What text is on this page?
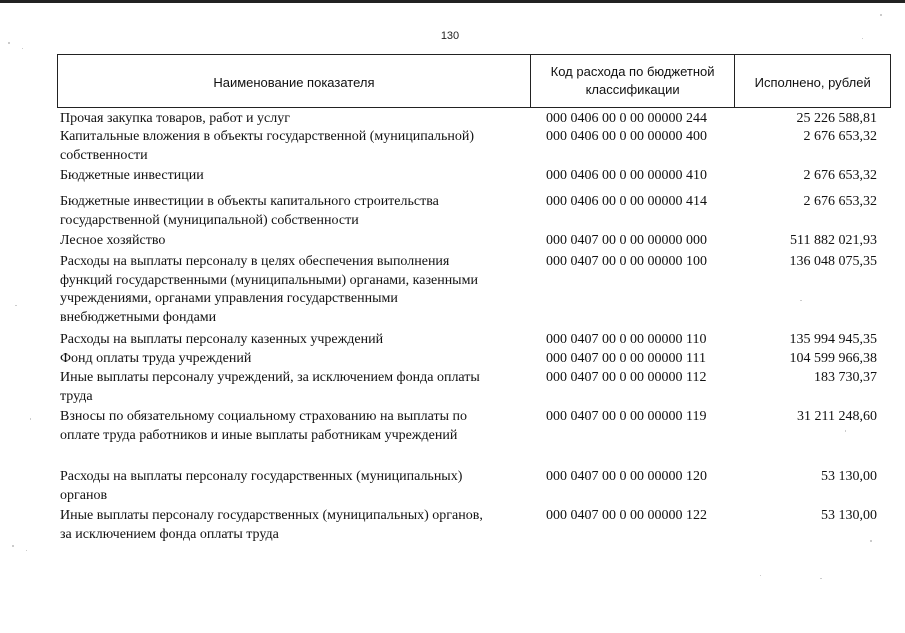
130
Наименование показателя
Код расхода по бюджетной
классификации	Исполнено, рублей
Прочая закупка товаров, работ и услуг	000 0406 00 0 00 00000 244	25 226 588,81
Капитальные вложения в объекты государственной (муниципальной)
собственности
000 0406 00 0 00 00000 400	2 676 653,32
Бюджетные инвестиции	000 0406 00 0 00 00000 410	2 676 653,32
Бюджетные инвестиции в объекты капитального строительства
государственной (муниципальной) собственности
000 0406 00 0 00 00000 414	2 676 653,32
Лесное хозяйство	000 0407 00 0 00 00000 000	511 882 021,93
Расходы на выплаты персоналу в целях обеспечения выполнения
функций государственными (муниципальными) органами, казенными
учреждениями, органами управления государственными
внебюджетными фондами
000 0407 00 0 00 00000 100	136 048 075,35
Расходы на выплаты персоналу казенных учреждений	000 0407 00 0 00 00000 110	135 994 945,35
Фонд оплаты труда учреждений	000 0407 00 0 00 00000 111	104 599 966,38
Иные выплаты персоналу учреждений, за исключением фонда оплаты
труда
000 0407 00 0 00 00000 112	183 730,37
Взносы по обязательному социальному страхованию на выплаты по
оплате труда работников и иные выплаты работникам учреждений
000 0407 00 0 00 00000 119	31 211 248,60
Расходы на выплаты персоналу государственных (муниципальных)
органов
000 0407 00 0 00 00000 120	53 130,00
Иные выплаты персоналу государственных (муниципальных) органов,
за исключением фонда оплаты труда
000 0407 00 0 00 00000 122	53 130,00
